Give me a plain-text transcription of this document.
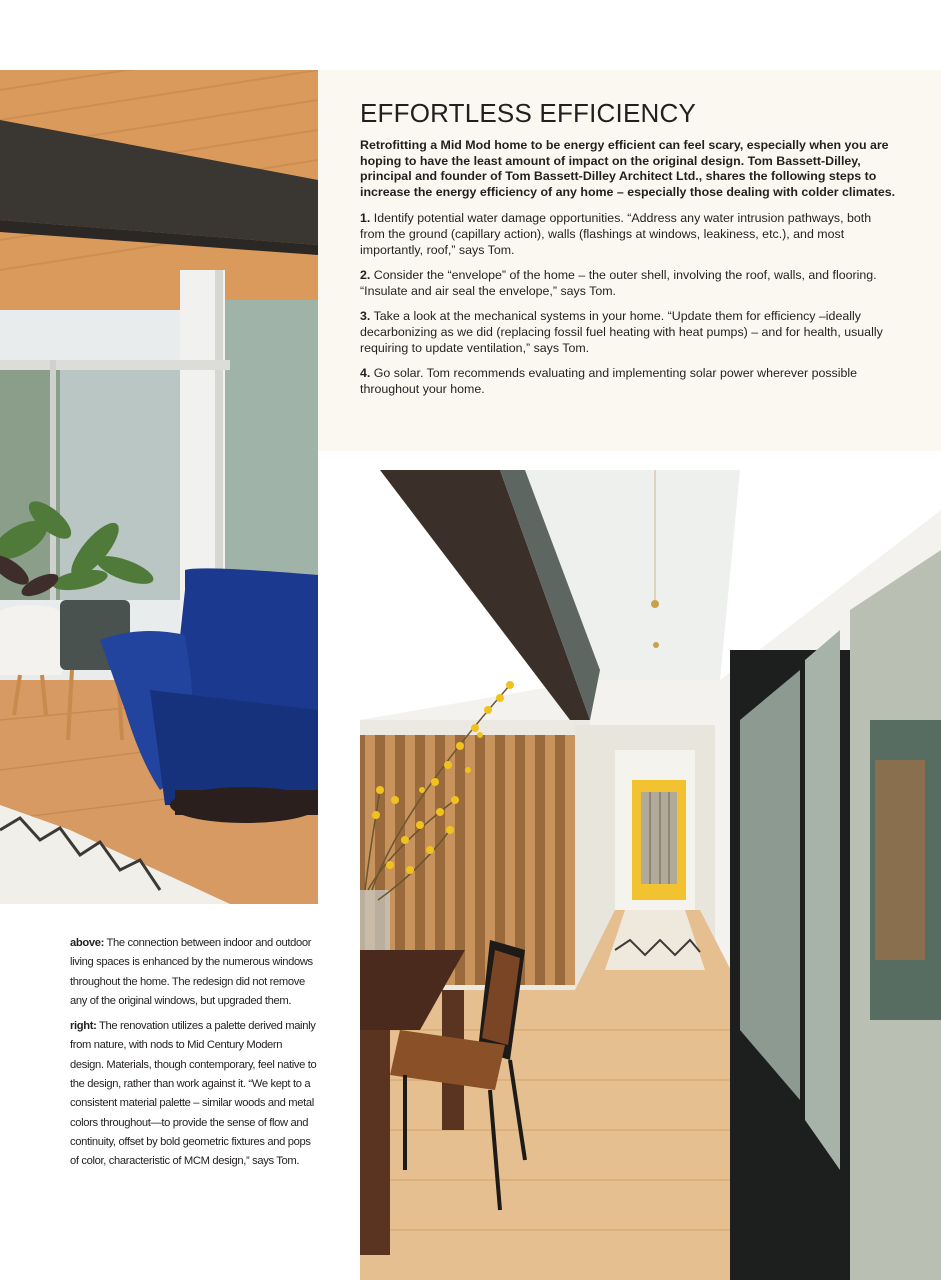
EFFORTLESS EFFICIENCY

Retrofitting a Mid Mod home to be energy efficient can feel scary, especially when you are hoping to have the least amount of impact on the original design. Tom Bassett-Dilley, principal and founder of Tom Bassett-Dilley Architect Ltd., shares the following steps to increase the energy efficiency of any home – especially those dealing with colder climates.

1. Identify potential water damage opportunities. “Address any water intrusion pathways, both from the ground (capillary action), walls (flashings at windows, leakiness, etc.), and most importantly, roof,” says Tom.

2. Consider the “envelope” of the home – the outer shell, involving the roof, walls, and flooring. “Insulate and air seal the envelope,” says Tom.

3. Take a look at the mechanical systems in your home. “Update them for efficiency –ideally decarbonizing as we did (replacing fossil fuel heating with heat pumps) – and for health, usually requiring to update ventilation,” says Tom.

4. Go solar. Tom recommends evaluating and implementing solar power wherever possible throughout your home.

above: The connection between indoor and outdoor living spaces is enhanced by the numerous windows throughout the home. The redesign did not remove any of the original windows, but upgraded them.

right: The renovation utilizes a palette derived mainly from nature, with nods to Mid Century Modern design. Materials, though contemporary, feel native to the design, rather than work against it. “We kept to a consistent material palette – similar woods and metal colors throughout—to provide the sense of flow and continuity, offset by bold geometric fixtures and pops of color, characteristic of MCM design,” says Tom.
